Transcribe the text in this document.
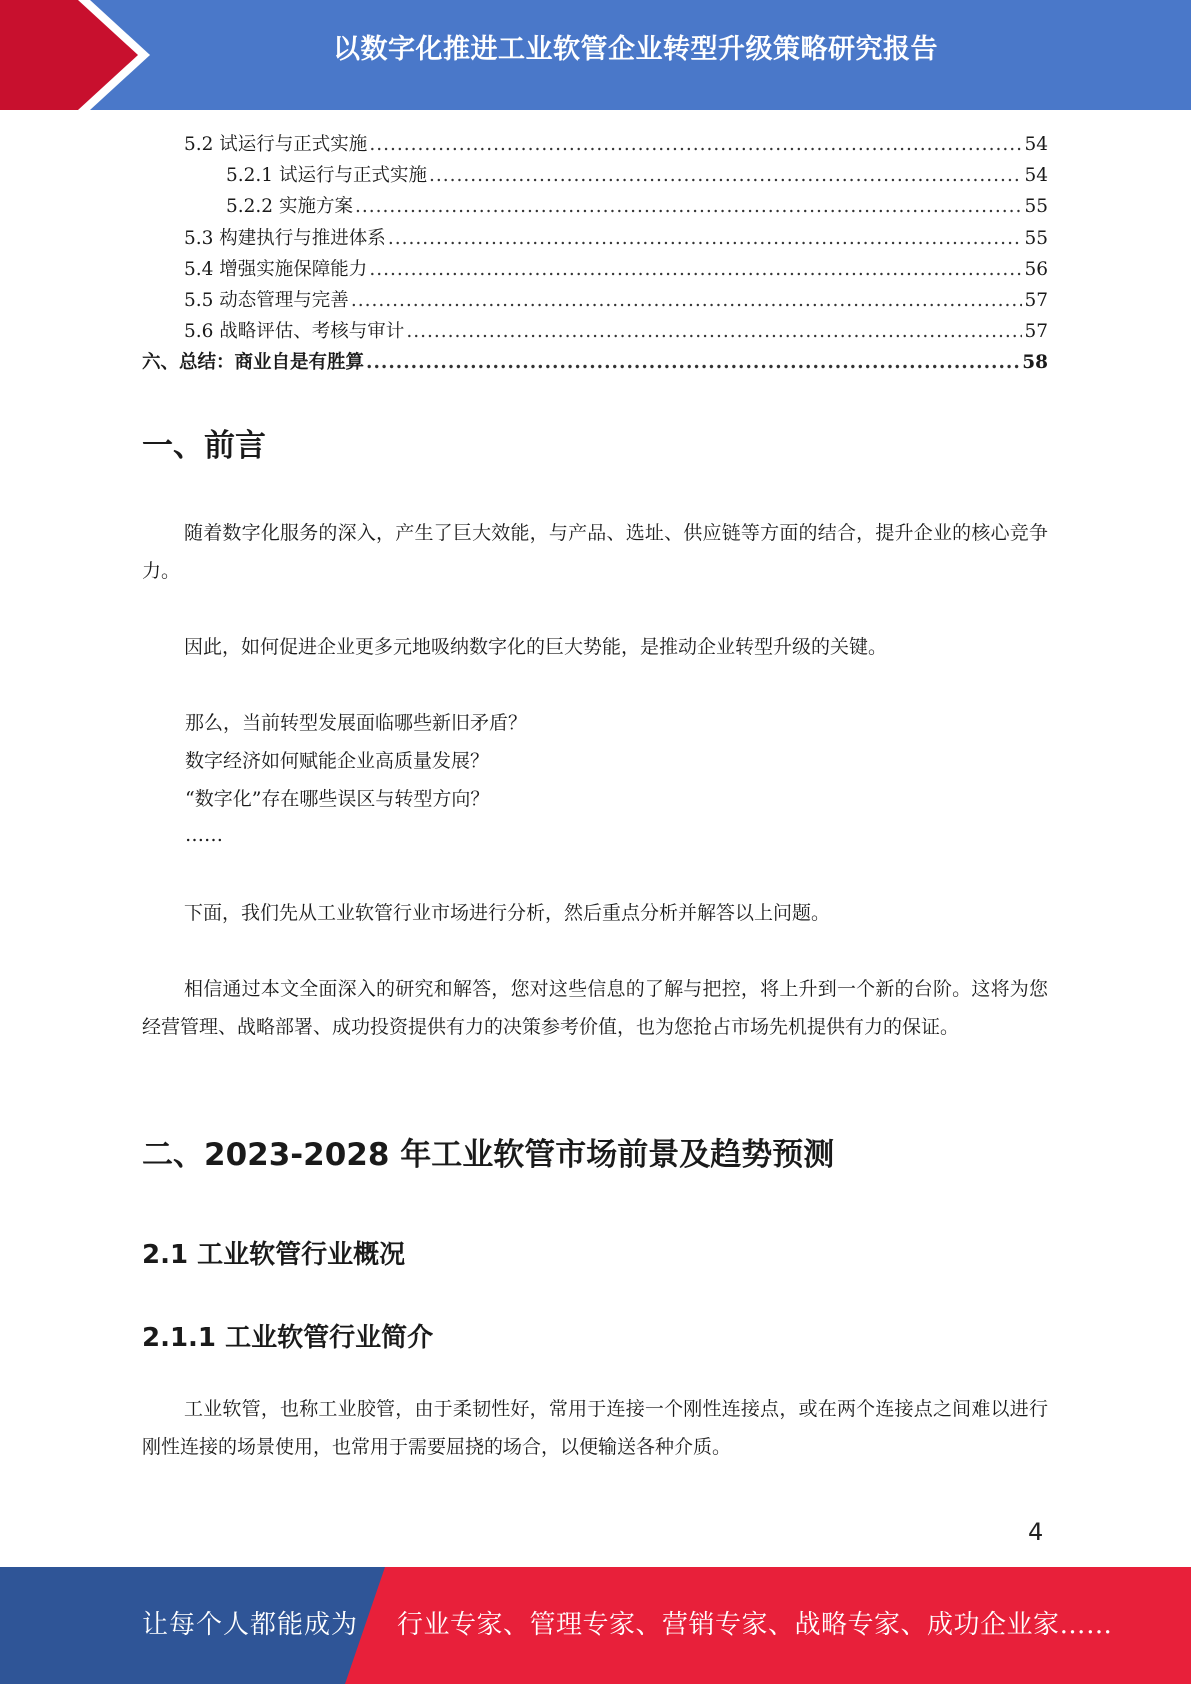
以数字化推进工业软管企业转型升级策略研究报告
5.2 试运行与正式实施 .....	54
5.2.1 试运行与正式实施 .....	54
5.2.2 实施方案 .....	55
5.3 构建执行与推进体系 .....	55
5.4 增强实施保障能力 .....	56
5.5 动态管理与完善 .....	57
5.6 战略评估、考核与审计 .....	57
六、总结：商业自是有胜算 .....	58
一、前言
随着数字化服务的深入，产生了巨大效能，与产品、选址、供应链等方面的结合，提升企业的核心竞争力。
因此，如何促进企业更多元地吸纳数字化的巨大势能，是推动企业转型升级的关键。
那么，当前转型发展面临哪些新旧矛盾？
数字经济如何赋能企业高质量发展？
“数字化”存在哪些误区与转型方向？
……
下面，我们先从工业软管行业市场进行分析，然后重点分析并解答以上问题。
相信通过本文全面深入的研究和解答，您对这些信息的了解与把控，将上升到一个新的台阶。这将为您经营管理、战略部署、成功投资提供有力的决策参考价值，也为您抢占市场先机提供有力的保证。
二、2023-2028 年工业软管市场前景及趋势预测
2.1 工业软管行业概况
2.1.1 工业软管行业简介
工业软管，也称工业胶管，由于柔韧性好，常用于连接一个刚性连接点，或在两个连接点之间难以进行刚性连接的场景使用，也常用于需要屈挠的场合，以便输送各种介质。
4
让每个人都能成为 行业专家、管理专家、营销专家、战略专家、成功企业家……
